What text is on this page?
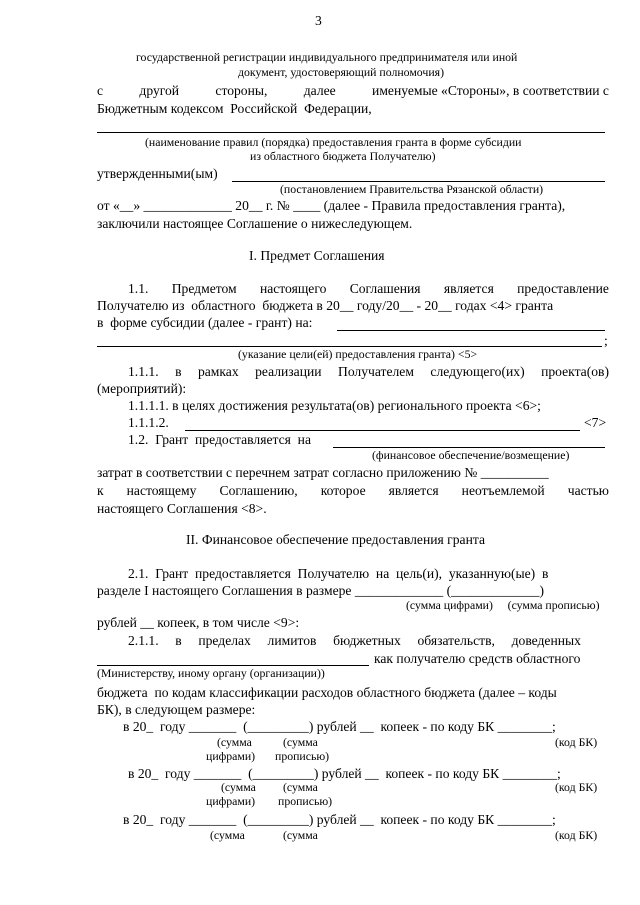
3
государственной регистрации индивидуального предпринимателя или иной
документ, удостоверяющий полномочия)
с	другой	стороны,	далее	именуемые «Стороны», в соответствии с
Бюджетным кодексом  Российской  Федерации,
(наименование правил (порядка) предоставления гранта в форме субсидии
из областного бюджета Получателю)
утвержденными(ым)
(постановлением Правительства Рязанской области)
от «__» _____________ 20__ г. № ____ (далее - Правила предоставления гранта),
заключили настоящее Соглашение о нижеследующем.
I. Предмет Соглашения
1.1. Предметом настоящего Соглашения является предоставление
Получателю из  областного  бюджета в 20__ году/20__ - 20__ годах <4> гранта
в  форме субсидии (далее - грант) на:
;
(указание цели(ей) предоставления гранта) <5>
1.1.1. в рамках реализации Получателем следующего(их) проекта(ов)
(мероприятий):
1.1.1.1. в целях достижения результата(ов) регионального проекта <6>;
1.1.1.2.	<7>
1.2.  Грант  предоставляется  на
(финансовое обеспечение/возмещение)
затрат в соответствии с перечнем затрат согласно приложению № __________
к настоящему Соглашению, которое является неотъемлемой частью
настоящего Соглашения <8>.
II. Финансовое обеспечение предоставления гранта
2.1.  Грант  предоставляется  Получателю  на  цель(и),  указанную(ые)  в
разделе I настоящего Соглашения в размере _____________ (_____________)
(сумма цифрами)     (сумма прописью)
рублей __ копеек, в том числе <9>:
2.1.1. в пределах лимитов бюджетных обязательств, доведенных
как получателю средств областного
(Министерству, иному органу (организации))
бюджета  по кодам классификации расходов областного бюджета (далее – коды
БК), в следующем размере:
в 20_  году _______  (_________) рублей __  копеек - по коду БК ________;
(сумма	(сумма	(код БК)
цифрами) прописью)
в 20_  году _______  (_________) рублей __  копеек - по коду БК ________;
(сумма (сумма	(код БК)
цифрами) прописью)
в 20_  году _______  (_________) рублей __  копеек - по коду БК ________;
(сумма	(сумма	(код БК)
